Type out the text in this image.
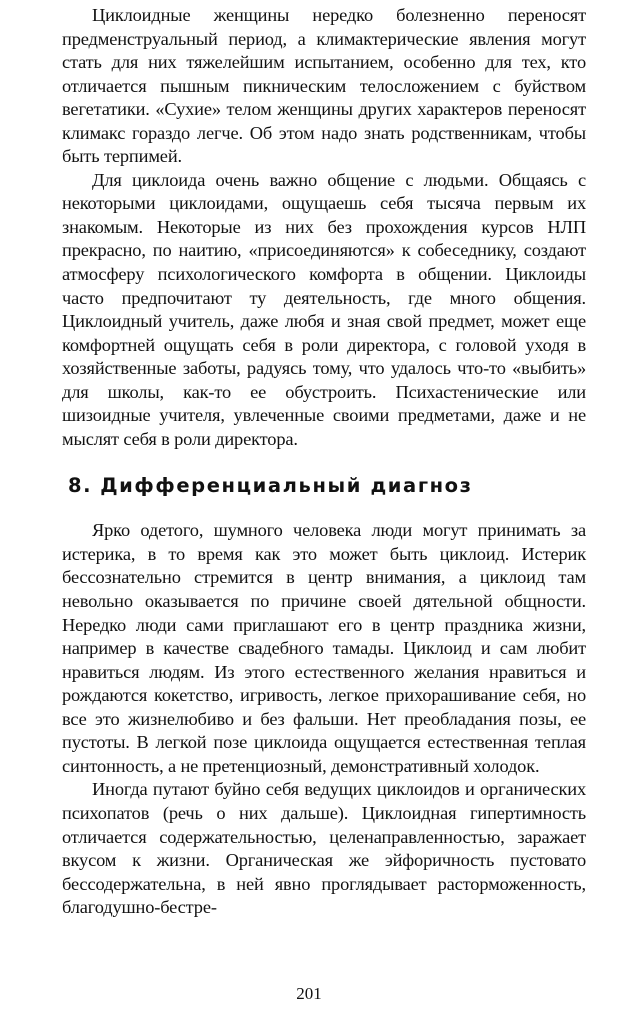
Циклоидные женщины нередко болезненно переносят предменструальный период, а климактерические явления могут стать для них тяжелейшим испытанием, особенно для тех, кто отличается пышным пикническим телосложением с буйством вегетатики. «Сухие» телом женщины других характеров переносят климакс гораздо легче. Об этом надо знать родственникам, чтобы быть терпимей.

Для циклоида очень важно общение с людьми. Общаясь с некоторыми циклоидами, ощущаешь себя тысяча первым их знакомым. Некоторые из них без прохождения курсов НЛП прекрасно, по наитию, «присоединяются» к собеседнику, создают атмосферу психологического комфорта в общении. Циклоиды часто предпочитают ту деятельность, где много общения. Циклоидный учитель, даже любя и зная свой предмет, может еще комфортней ощущать себя в роли директора, с головой уходя в хозяйственные заботы, радуясь тому, что удалось что-то «выбить» для школы, как-то ее обустроить. Психастенические или шизоидные учителя, увлеченные своими предметами, даже и не мыслят себя в роли директора.

8. Дифференциальный диагноз

Ярко одетого, шумного человека люди могут принимать за истерика, в то время как это может быть циклоид. Истерик бессознательно стремится в центр внимания, а циклоид там невольно оказывается по причине своей дятельной общности. Нередко люди сами приглашают его в центр праздника жизни, например в качестве свадебного тамады. Циклоид и сам любит нравиться людям. Из этого естественного желания нравиться и рождаются кокетство, игривость, легкое прихорашивание себя, но все это жизнелюбиво и без фальши. Нет преобладания позы, ее пустоты. В легкой позе циклоида ощущается естественная теплая синтонность, а не претенциозный, демонстративный холодок.

Иногда путают буйно себя ведущих циклоидов и органических психопатов (речь о них дальше). Циклоидная гипертимность отличается содержательностью, целенаправленностью, заражает вкусом к жизни. Органическая же эйфоричность пустовато бессодержательна, в ней явно проглядывает расторможенность, благодушно-бестре-

201
